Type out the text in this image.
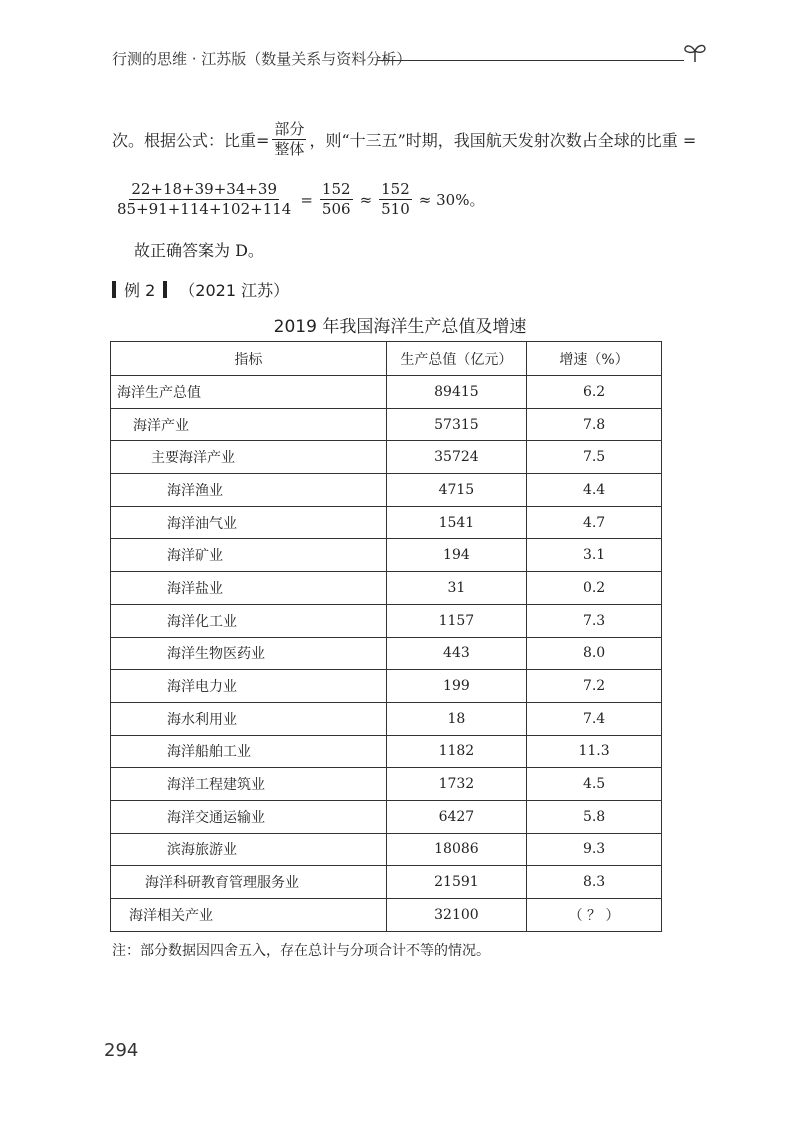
行测的思维 · 江苏版（数量关系与资料分析）
次。根据公式：比重= $\frac{\text{部分}}{\text{整体}}$ ，则“十三五”时期，我国航天发射次数占全球的比重 =
$\frac{22+18+39+34+39}{85+91+114+102+114} = \frac{152}{506} \approx \frac{152}{510} \approx 30\%$。
故正确答案为 D。
例 2 （2021 江苏）
2019 年我国海洋生产总值及增速
指标	生产总值（亿元）	增速（%）
海洋生产总值	89415	6.2
海洋产业	57315	7.8
主要海洋产业	35724	7.5
海洋渔业	4715	4.4
海洋油气业	1541	4.7
海洋矿业	194	3.1
海洋盐业	31	0.2
海洋化工业	1157	7.3
海洋生物医药业	443	8.0
海洋电力业	199	7.2
海水利用业	18	7.4
海洋船舶工业	1182	11.3
海洋工程建筑业	1732	4.5
海洋交通运输业	6427	5.8
滨海旅游业	18086	9.3
海洋科研教育管理服务业	21591	8.3
海洋相关产业	32100	（ ？ ）
注：部分数据因四舍五入，存在总计与分项合计不等的情况。
294
